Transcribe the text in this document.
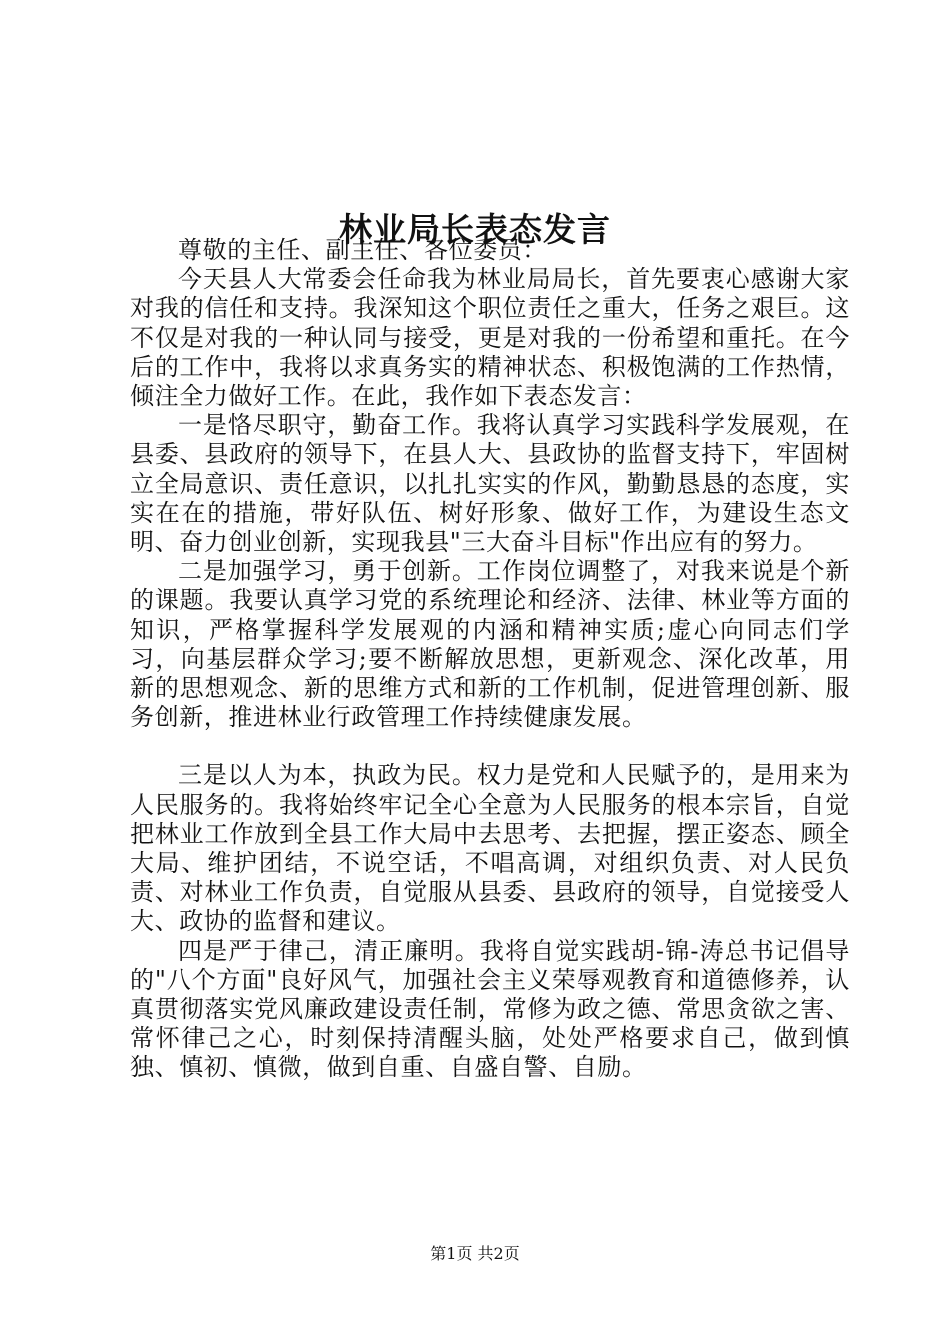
林业局长表态发言

尊敬的主任、副主任、各位委员：

今天县人大常委会任命我为林业局局长，首先要衷心感谢大家对我的信任和支持。我深知这个职位责任之重大，任务之艰巨。这不仅是对我的一种认同与接受，更是对我的一份希望和重托。在今后的工作中，我将以求真务实的精神状态、积极饱满的工作热情，倾注全力做好工作。在此，我作如下表态发言：

一是恪尽职守，勤奋工作。我将认真学习实践科学发展观，在县委、县政府的领导下，在县人大、县政协的监督支持下，牢固树立全局意识、责任意识，以扎扎实实的作风，勤勤恳恳的态度，实实在在的措施，带好队伍、树好形象、做好工作，为建设生态文明、奋力创业创新，实现我县"三大奋斗目标"作出应有的努力。

二是加强学习，勇于创新。工作岗位调整了，对我来说是个新的课题。我要认真学习党的系统理论和经济、法律、林业等方面的知识，严格掌握科学发展观的内涵和精神实质;虚心向同志们学习，向基层群众学习;要不断解放思想，更新观念、深化改革，用新的思想观念、新的思维方式和新的工作机制，促进管理创新、服务创新，推进林业行政管理工作持续健康发展。

三是以人为本，执政为民。权力是党和人民赋予的，是用来为人民服务的。我将始终牢记全心全意为人民服务的根本宗旨，自觉把林业工作放到全县工作大局中去思考、去把握，摆正姿态、顾全大局、维护团结，不说空话，不唱高调，对组织负责、对人民负责、对林业工作负责，自觉服从县委、县政府的领导，自觉接受人大、政协的监督和建议。

四是严于律己，清正廉明。我将自觉实践胡-锦-涛总书记倡导的"八个方面"良好风气，加强社会主义荣辱观教育和道德修养，认真贯彻落实党风廉政建设责任制，常修为政之德、常思贪欲之害、常怀律己之心，时刻保持清醒头脑，处处严格要求自己，做到慎独、慎初、慎微，做到自重、自盛自警、自励。

第1页 共2页
